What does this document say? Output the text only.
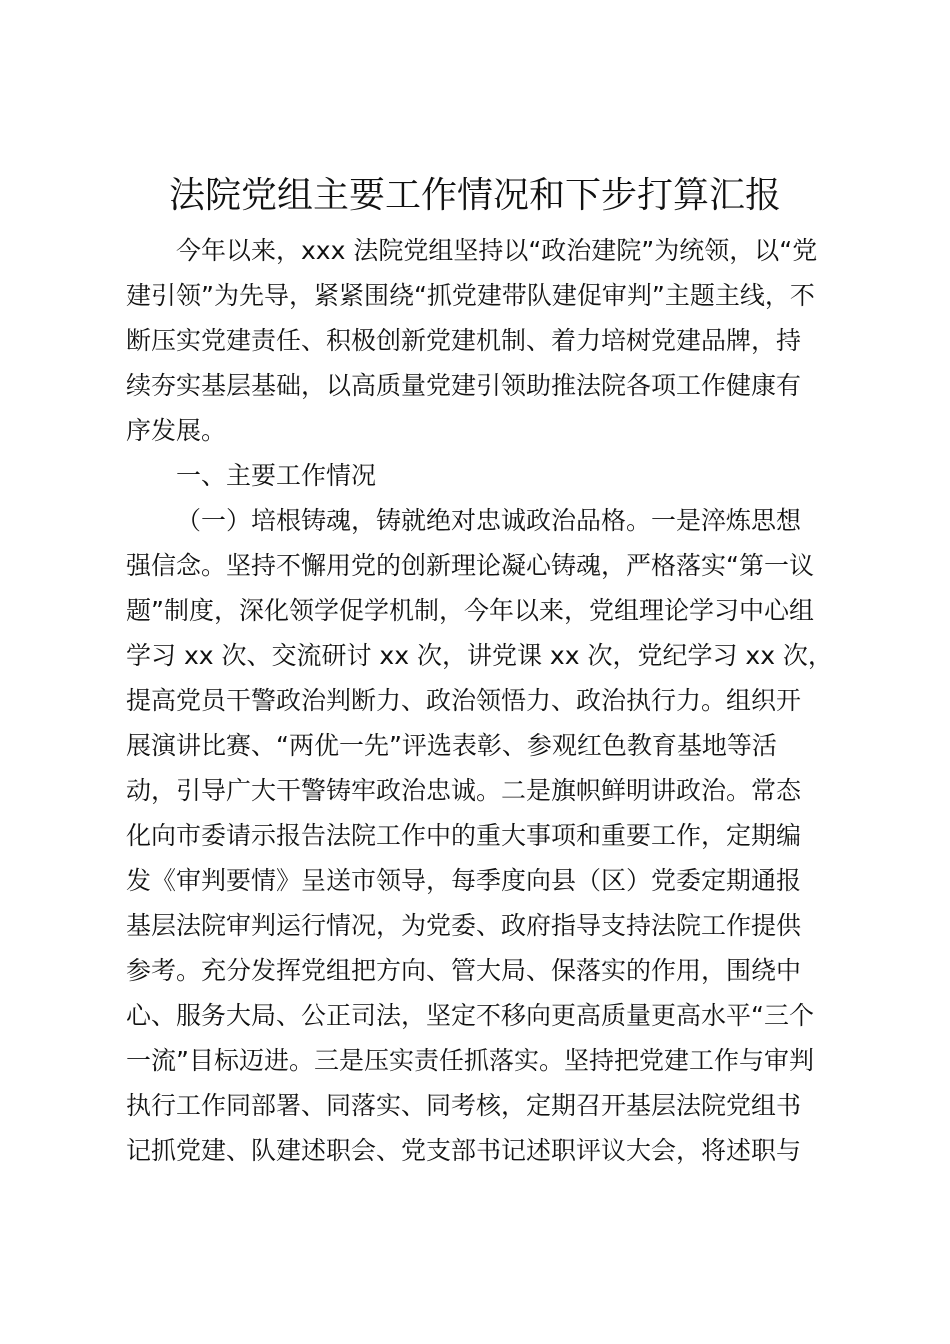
法院党组主要工作情况和下步打算汇报
今年以来，xxx 法院党组坚持以“政治建院”为统领，以“党
建引领”为先导，紧紧围绕“抓党建带队建促审判”主题主线，不
断压实党建责任、积极创新党建机制、着力培树党建品牌，持
续夯实基层基础，以高质量党建引领助推法院各项工作健康有
序发展。
一、主要工作情况
（一）培根铸魂，铸就绝对忠诚政治品格。一是淬炼思想
强信念。坚持不懈用党的创新理论凝心铸魂，严格落实“第一议
题”制度，深化领学促学机制，今年以来，党组理论学习中心组
学习 xx 次、交流研讨 xx 次，讲党课 xx 次，党纪学习 xx 次，
提高党员干警政治判断力、政治领悟力、政治执行力。组织开
展演讲比赛、“两优一先”评选表彰、参观红色教育基地等活
动，引导广大干警铸牢政治忠诚。二是旗帜鲜明讲政治。常态
化向市委请示报告法院工作中的重大事项和重要工作，定期编
发《审判要情》呈送市领导，每季度向县（区）党委定期通报
基层法院审判运行情况，为党委、政府指导支持法院工作提供
参考。充分发挥党组把方向、管大局、保落实的作用，围绕中
心、服务大局、公正司法，坚定不移向更高质量更高水平“三个
一流”目标迈进。三是压实责任抓落实。坚持把党建工作与审判
执行工作同部署、同落实、同考核，定期召开基层法院党组书
记抓党建、队建述职会、党支部书记述职评议大会，将述职与
